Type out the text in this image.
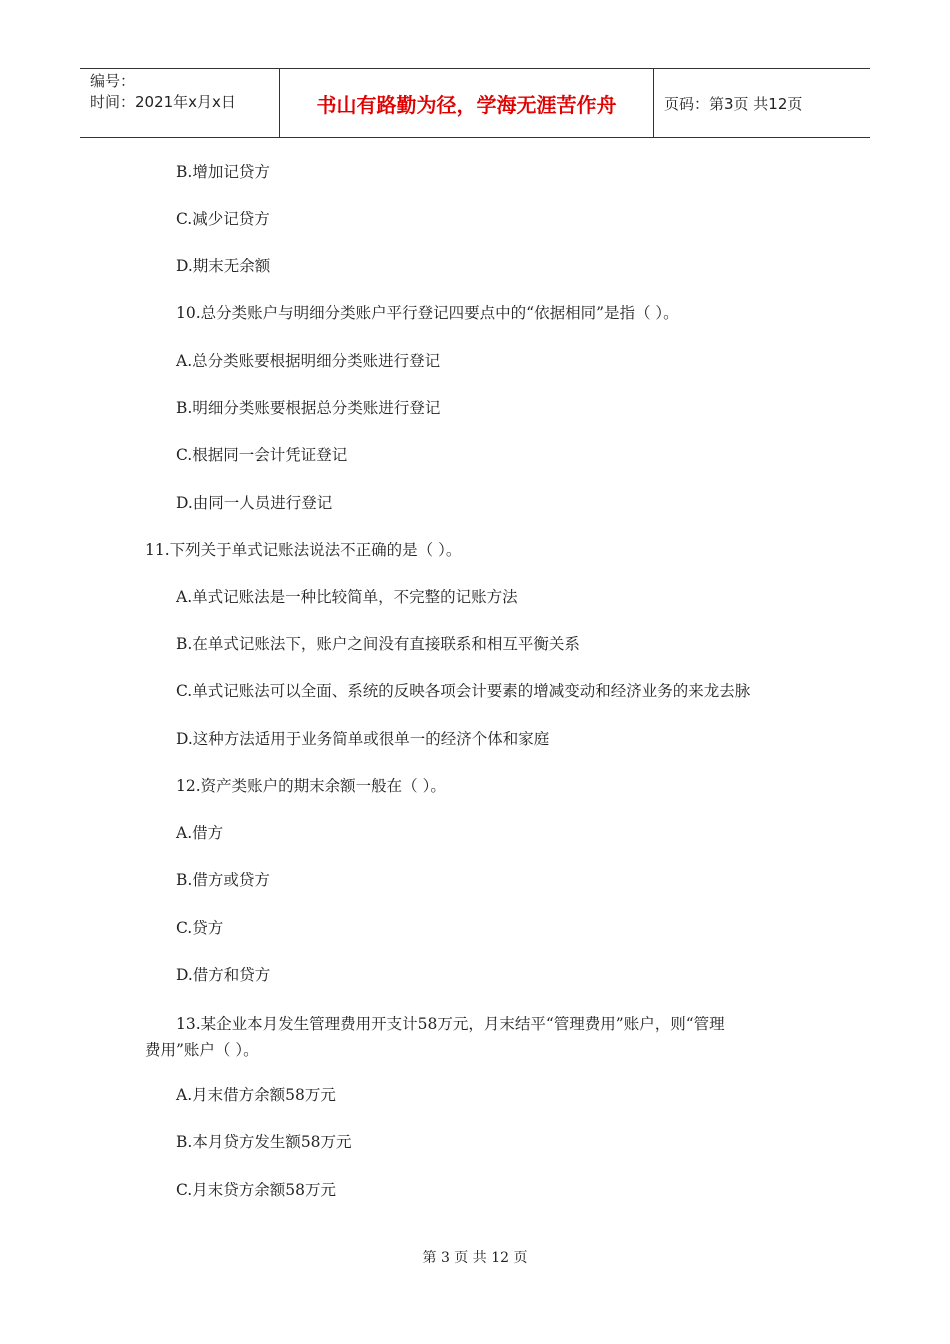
编号：
时间：2021年x月x日	书山有路勤为径，学海无涯苦作舟	页码：第3页 共12页
B.增加记贷方
C.减少记贷方
D.期末无余额
10.总分类账户与明细分类账户平行登记四要点中的“依据相同”是指（ ）。
A.总分类账要根据明细分类账进行登记
B.明细分类账要根据总分类账进行登记
C.根据同一会计凭证登记
D.由同一人员进行登记
11.下列关于单式记账法说法不正确的是（ ）。
A.单式记账法是一种比较简单，不完整的记账方法
B.在单式记账法下，账户之间没有直接联系和相互平衡关系
C.单式记账法可以全面、系统的反映各项会计要素的增减变动和经济业务的来龙去脉
D.这种方法适用于业务简单或很单一的经济个体和家庭
12.资产类账户的期末余额一般在（ ）。
A.借方
B.借方或贷方
C.贷方
D.借方和贷方
13.某企业本月发生管理费用开支计58万元，月末结平“管理费用”账户，则“管理
费用”账户（ ）。
A.月末借方余额58万元
B.本月贷方发生额58万元
C.月末贷方余额58万元
第 3 页 共 12 页
